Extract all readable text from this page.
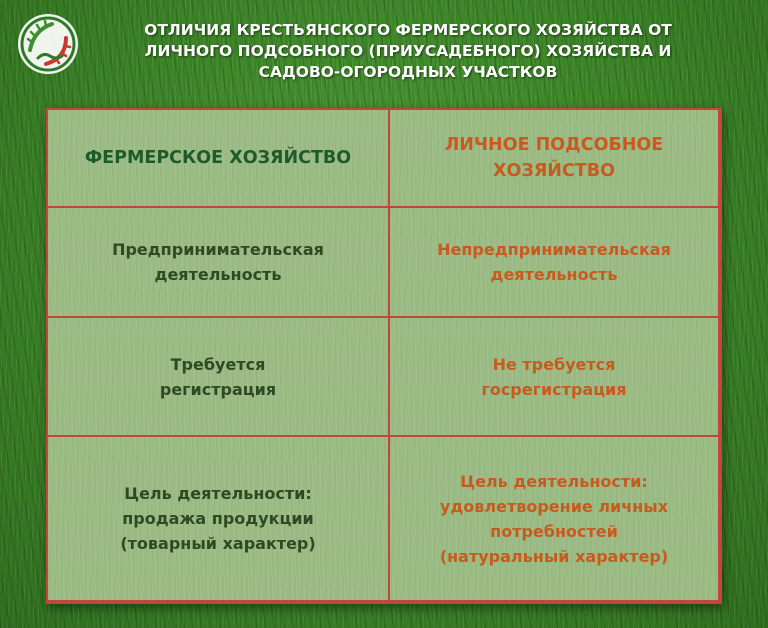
ОТЛИЧИЯ КРЕСТЬЯНСКОГО ФЕРМЕРСКОГО ХОЗЯЙСТВА ОТ
ЛИЧНОГО ПОДСОБНОГО (ПРИУСАДЕБНОГО) ХОЗЯЙСТВА И
САДОВО-ОГОРОДНЫХ УЧАСТКОВ
ФЕРМЕРСКОЕ ХОЗЯЙСТВО
ЛИЧНОЕ ПОДСОБНОЕ
ХОЗЯЙСТВО
Предпринимательская
деятельность
Непредпринимательская
деятельность
Требуется
регистрация
Не требуется
госрегистрация
Цель деятельности:
продажа продукции
(товарный характер)
Цель деятельности:
удовлетворение личных
потребностей
(натуральный характер)
